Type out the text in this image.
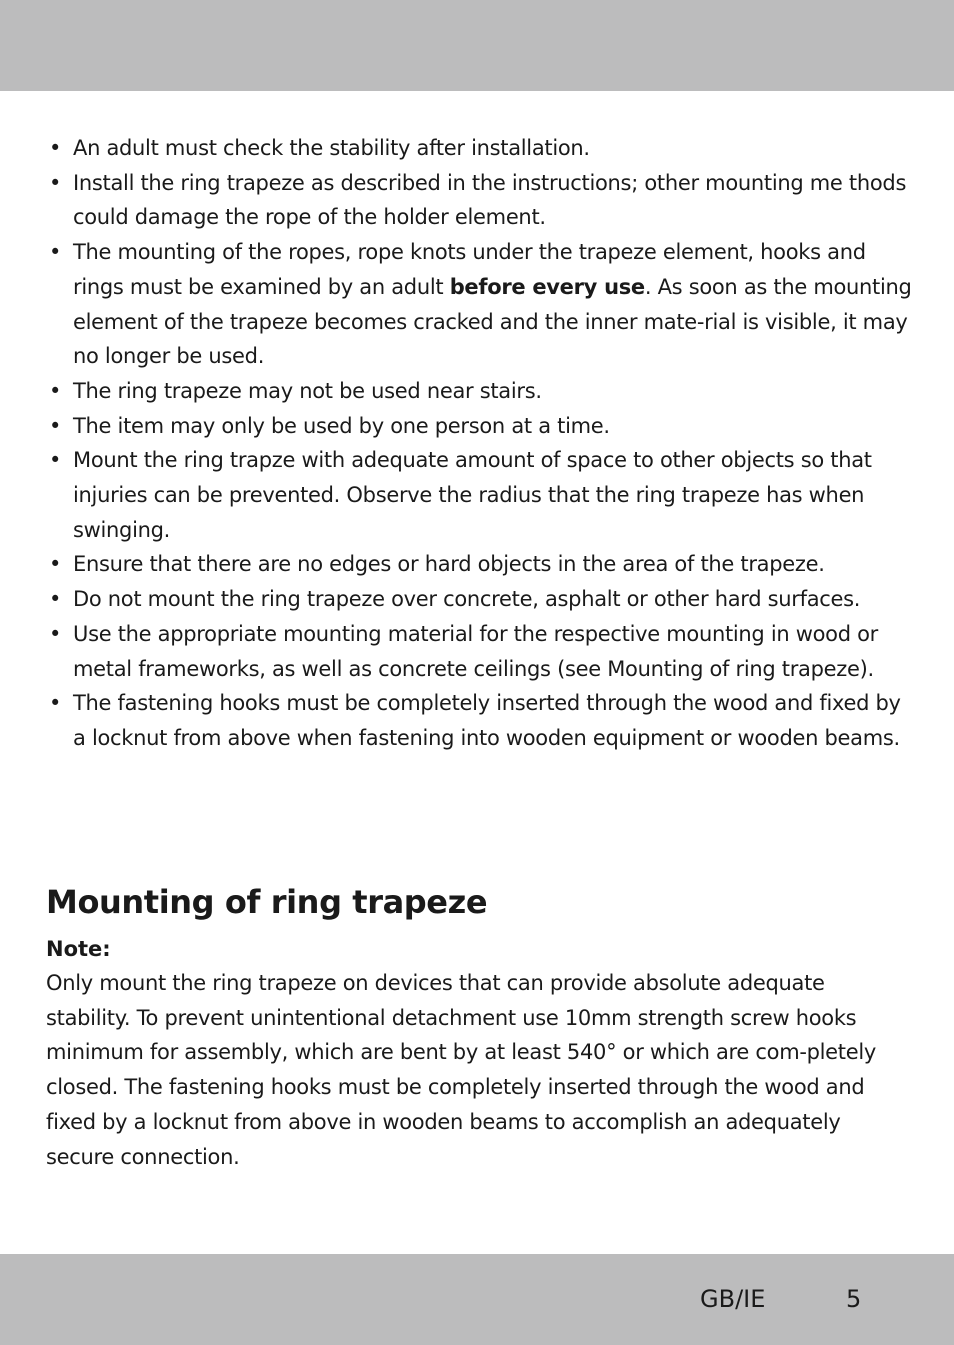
• An adult must check the stability after installation.
• Install the ring trapeze as described in the instructions; other mounting me thods could damage the rope of the holder element.
• The mounting of the ropes, rope knots under the trapeze element, hooks and rings must be examined by an adult before every use. As soon as the mounting element of the trapeze becomes cracked and the inner mate-rial is visible, it may no longer be used.
• The ring trapeze may not be used near stairs.
• The item may only be used by one person at a time.
• Mount the ring trapze with adequate amount of space to other objects so that injuries can be prevented. Observe the radius that the ring trapeze has when swinging.
• Ensure that there are no edges or hard objects in the area of the trapeze.
• Do not mount the ring trapeze over concrete, asphalt or other hard surfaces.
• Use the appropriate mounting material for the respective mounting in wood or metal frameworks, as well as concrete ceilings (see Mounting of ring trapeze).
• The fastening hooks must be completely inserted through the wood and fixed by a locknut from above when fastening into wooden equipment or wooden beams.
Mounting of ring trapeze
Note:

Only mount the ring trapeze on devices that can provide absolute adequate stability. To prevent unintentional detachment use 10mm strength screw hooks minimum for assembly, which are bent by at least 540° or which are com-pletely closed. The fastening hooks must be completely inserted through the wood and fixed by a locknut from above in wooden beams to accomplish an adequately secure connection.

GB/IE	5
